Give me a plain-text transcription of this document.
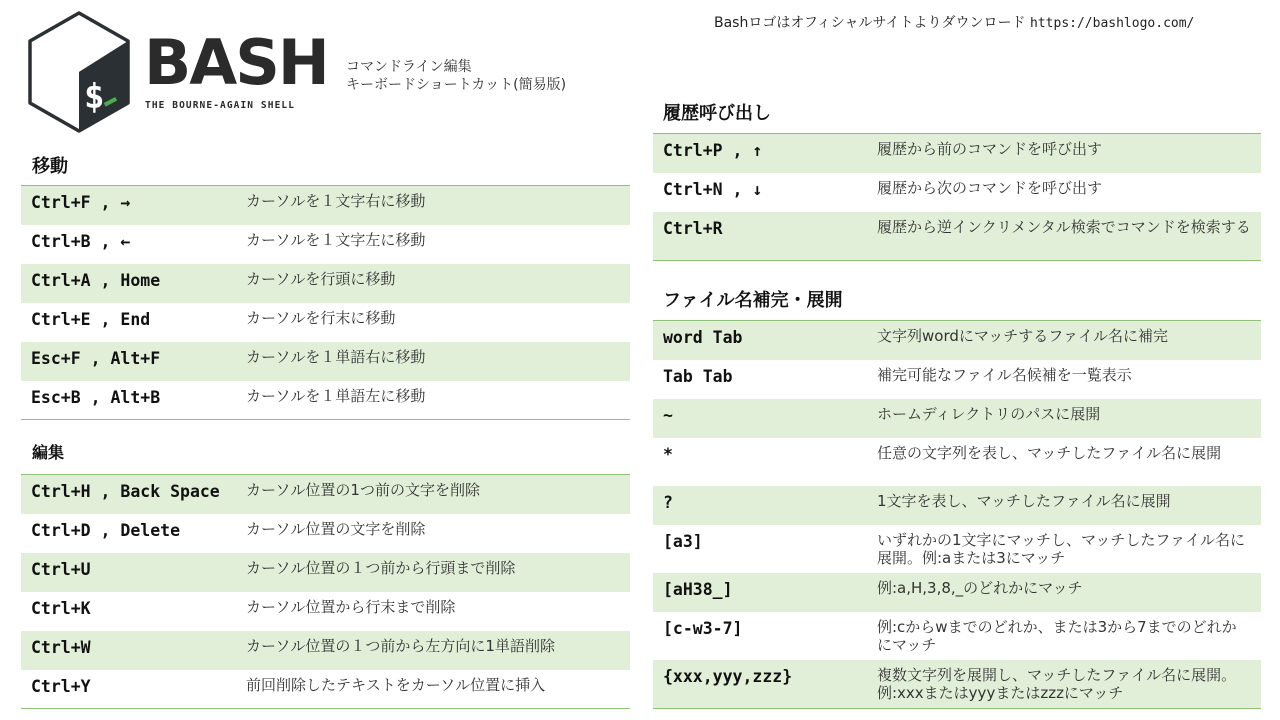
Bashロゴはオフィシャルサイトよりダウンロード https://bashlogo.com/
$ BASH
THE BOURNE-AGAIN SHELL
コマンドライン編集
キーボードショートカット(簡易版)
移動
Ctrl+F , →	カーソルを１文字右に移動
Ctrl+B , ←	カーソルを１文字左に移動
Ctrl+A , Home	カーソルを行頭に移動
Ctrl+E , End	カーソルを行末に移動
Esc+F , Alt+F	カーソルを１単語右に移動
Esc+B , Alt+B	カーソルを１単語左に移動
編集
Ctrl+H , Back Space	カーソル位置の1つ前の文字を削除
Ctrl+D , Delete	カーソル位置の文字を削除
Ctrl+U	カーソル位置の１つ前から行頭まで削除
Ctrl+K	カーソル位置から行末まで削除
Ctrl+W	カーソル位置の１つ前から左方向に1単語削除
Ctrl+Y	前回削除したテキストをカーソル位置に挿入
履歴呼び出し
Ctrl+P , ↑	履歴から前のコマンドを呼び出す
Ctrl+N , ↓	履歴から次のコマンドを呼び出す
Ctrl+R	履歴から逆インクリメンタル検索でコマンドを検索する
ファイル名補完・展開
word Tab	文字列wordにマッチするファイル名に補完
Tab Tab	補完可能なファイル名候補を一覧表示
~	ホームディレクトリのパスに展開
*	任意の文字列を表し、マッチしたファイル名に展開
?	1文字を表し、マッチしたファイル名に展開
[a3]	いずれかの1文字にマッチし、マッチしたファイル名に展開。例:aまたは3にマッチ
[aH38_]	例:a,H,3,8,_のどれかにマッチ
[c-w3-7]	例:cからwまでのどれか、または3から7までのどれかにマッチ
{xxx,yyy,zzz}	複数文字列を展開し、マッチしたファイル名に展開。例:xxxまたはyyyまたはzzzにマッチ
